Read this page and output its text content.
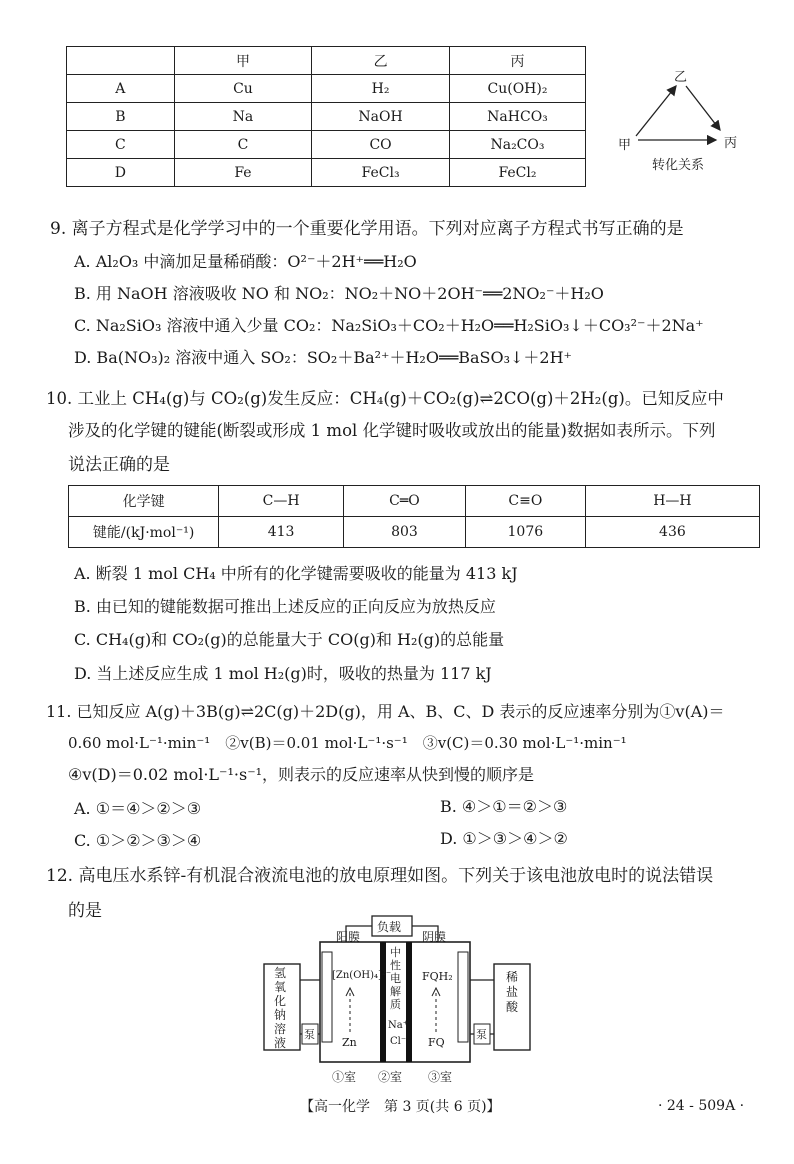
	甲	乙	丙
A	Cu	H₂	Cu(OH)₂
B	Na	NaOH	NaHCO₃
C	C	CO	Na₂CO₃
D	Fe	FeCl₃	FeCl₂
乙
甲	丙
转化关系
9. 离子方程式是化学学习中的一个重要化学用语。下列对应离子方程式书写正确的是
A. Al₂O₃ 中滴加足量稀硝酸：O²⁻＋2H⁺══H₂O
B. 用 NaOH 溶液吸收 NO 和 NO₂：NO₂＋NO＋2OH⁻══2NO₂⁻＋H₂O
C. Na₂SiO₃ 溶液中通入少量 CO₂：Na₂SiO₃＋CO₂＋H₂O══H₂SiO₃↓＋CO₃²⁻＋2Na⁺
D. Ba(NO₃)₂ 溶液中通入 SO₂：SO₂＋Ba²⁺＋H₂O══BaSO₃↓＋2H⁺
10. 工业上 CH₄(g)与 CO₂(g)发生反应：CH₄(g)＋CO₂(g)⇌2CO(g)＋2H₂(g)。已知反应中
涉及的化学键的键能(断裂或形成 1 mol 化学键时吸收或放出的能量)数据如表所示。下列
说法正确的是
化学键	C—H	C═O	C≡O	H—H
键能/(kJ·mol⁻¹)	413	803	1076	436
A. 断裂 1 mol CH₄ 中所有的化学键需要吸收的能量为 413 kJ
B. 由已知的键能数据可推出上述反应的正向反应为放热反应
C. CH₄(g)和 CO₂(g)的总能量大于 CO(g)和 H₂(g)的总能量
D. 当上述反应生成 1 mol H₂(g)时，吸收的热量为 117 kJ
11. 已知反应 A(g)＋3B(g)⇌2C(g)＋2D(g)，用 A、B、C、D 表示的反应速率分别为①v(A)＝
0.60 mol·L⁻¹·min⁻¹　②v(B)＝0.01 mol·L⁻¹·s⁻¹　③v(C)＝0.30 mol·L⁻¹·min⁻¹
④v(D)＝0.02 mol·L⁻¹·s⁻¹，则表示的反应速率从快到慢的顺序是
A. ①＝④＞②＞③	B. ④＞①＝②＞③
C. ①＞②＞③＞④	D. ①＞③＞④＞②
12. 高电压水系锌-有机混合液流电池的放电原理如图。下列关于该电池放电时的说法错误
的是
负载
阳膜	阴膜
氢氧化钠溶液
稀盐酸
泵	泵
中性电解质
Na⁺
Cl⁻
[Zn(OH)₄]²⁻
Zn
FQH₂
FQ
①室 ②室 ③室
【高一化学　第 3 页(共 6 页)】	· 24 - 509A ·
